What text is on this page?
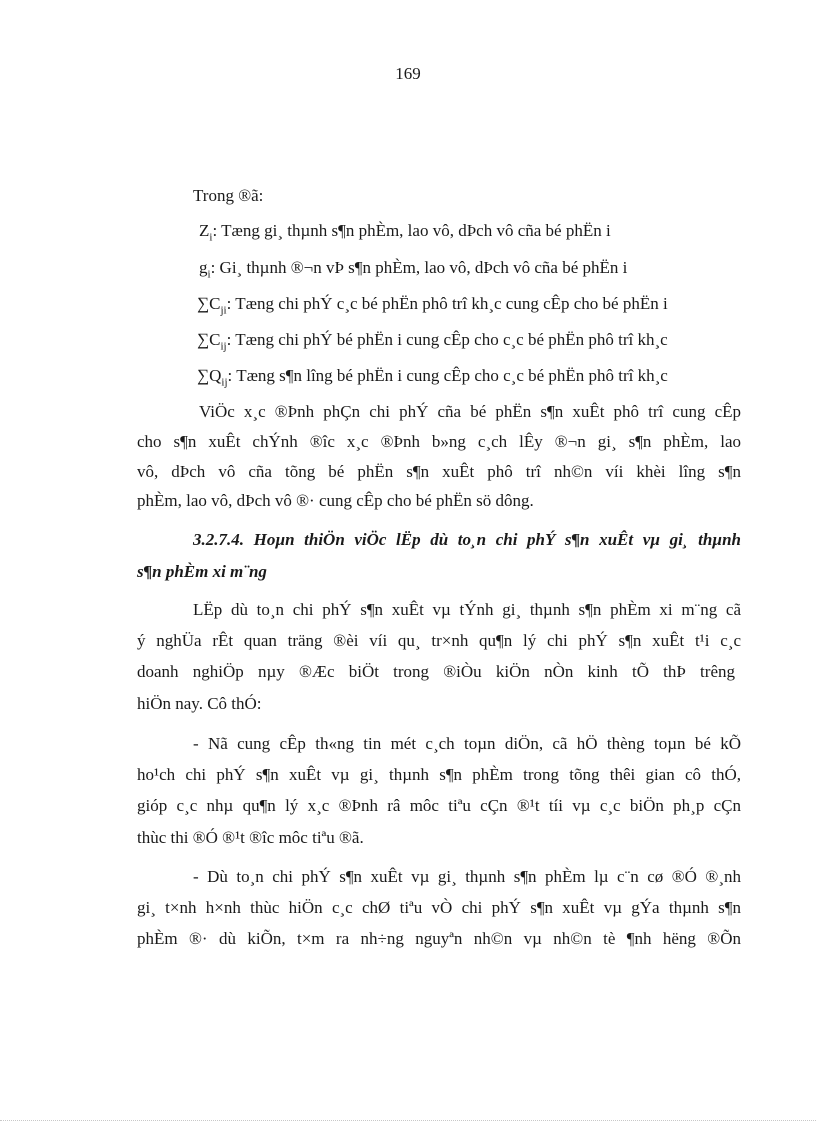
169
Trong ®ã:
$Z_i$: Tæng gi¸ thµnh s¶n phÈm, lao vô, dÞch vô cña bé phËn i
$g_i$: Gi¸ thµnh ®¬n vÞ s¶n phÈm, lao vô, dÞch vô cña bé phËn i
$\sum C_{ji}$: Tæng chi phÝ c¸c bé phËn phô trî kh¸c cung cÊp cho bé phËn i
$\sum C_{ij}$: Tæng chi phÝ bé phËn i cung cÊp cho c¸c bé phËn phô trî kh¸c
$\sum Q_{ij}$: Tæng s¶n lîng bé phËn i cung cÊp cho c¸c bé phËn phô trî kh¸c
ViÖc x¸c ®Þnh phÇn chi phÝ cña bé phËn s¶n xuÊt phô trî cung cÊp
cho s¶n xuÊt chÝnh ®îc x¸c ®Þnh b»ng c¸ch lÊy ®¬n gi¸ s¶n phÈm, lao
vô, dÞch vô cña tõng bé phËn s¶n xuÊt phô trî nh©n víi khèi lîng s¶n
phÈm, lao vô, dÞch vô ®· cung cÊp cho bé phËn sö dông.
3.2.7.4. Hoµn thiÖn viÖc lËp dù to¸n chi phÝ s¶n xuÊt vµ gi¸ thµnh
s¶n phÈm xi m¨ng
LËp dù to¸n chi phÝ s¶n xuÊt vµ tÝnh gi¸ thµnh s¶n phÈm xi m¨ng cã
ý nghÜa rÊt quan träng ®èi víi qu¸ tr×nh qu¶n lý chi phÝ s¶n xuÊt t¹i c¸c
doanh nghiÖp nµy ®Æc biÖt trong ®iÒu kiÖn nÒn kinh tÕ thÞ trêng
hiÖn nay. Cô thÓ:
- Nã cung cÊp th«ng tin mét c¸ch toµn diÖn, cã hÖ thèng toµn bé kÕ
ho¹ch chi phÝ s¶n xuÊt vµ gi¸ thµnh s¶n phÈm trong tõng thêi gian cô thÓ,
gióp c¸c nhµ qu¶n lý x¸c ®Þnh râ môc tiªu cÇn ®¹t tíi vµ c¸c biÖn ph¸p cÇn
thùc thi ®Ó ®¹t ®îc môc tiªu ®ã.
- Dù to¸n chi phÝ s¶n xuÊt vµ gi¸ thµnh s¶n phÈm lµ c¨n cø ®Ó ®¸nh
gi¸ t×nh h×nh thùc hiÖn c¸c chØ tiªu vÒ chi phÝ s¶n xuÊt vµ gÝa thµnh s¶n
phÈm ®· dù kiÕn, t×m ra nh÷ng nguyªn nh©n vµ nh©n tè ¶nh hëng ®Õn
